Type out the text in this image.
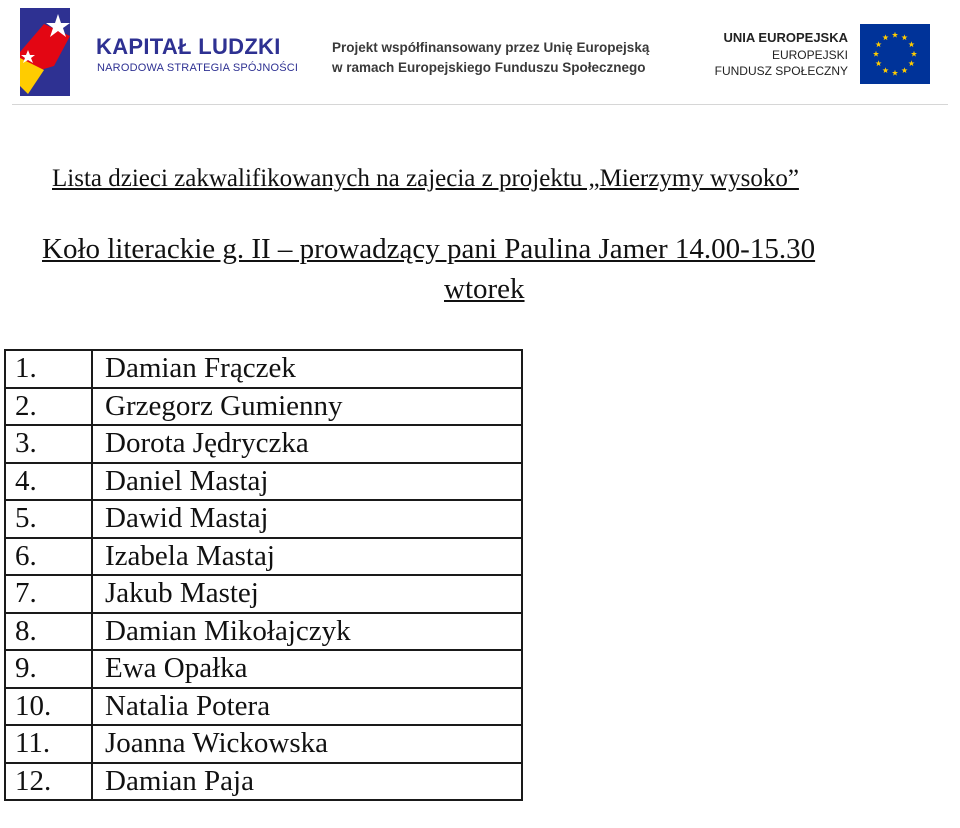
KAPITAŁ LUDZKI
NARODOWA STRATEGIA SPÓJNOŚCI
Projekt współfinansowany przez Unię Europejską
w ramach Europejskiego Funduszu Społecznego
UNIA EUROPEJSKA
EUROPEJSKI
FUNDUSZ SPOŁECZNY
Lista dzieci zakwalifikowanych na zajecia z projektu „Mierzymy wysoko”
Koło literackie g. II – prowadzący pani Paulina Jamer 14.00-15.30
wtorek
1.	Damian Frączek
2.	Grzegorz Gumienny
3.	Dorota Jędryczka
4.	Daniel Mastaj
5.	Dawid Mastaj
6.	Izabela Mastaj
7.	Jakub Mastej
8.	Damian Mikołajczyk
9.	Ewa Opałka
10.	Natalia Potera
11.	Joanna Wickowska
12.	Damian Paja
